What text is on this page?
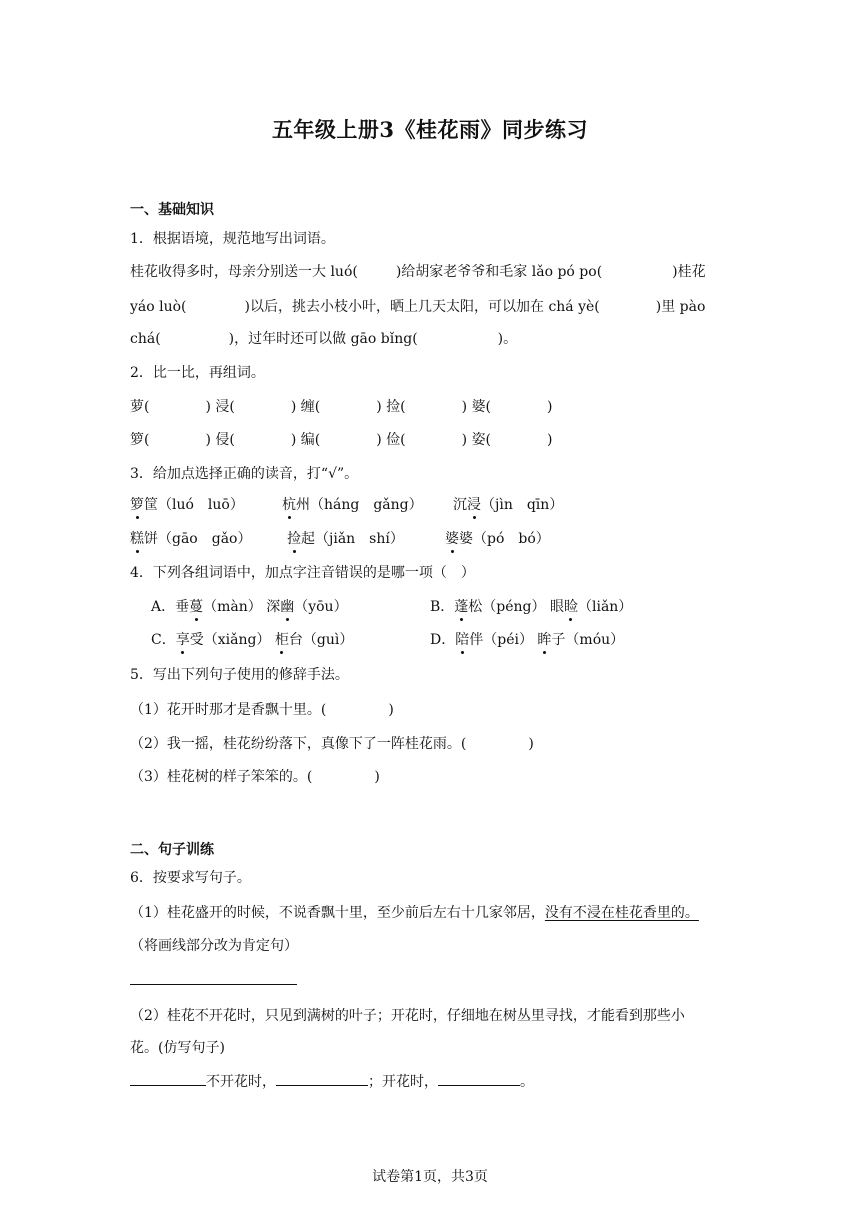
五年级上册3《桂花雨》同步练习
一、基础知识
1．根据语境，规范地写出词语。
桂花收得多时，母亲分别送一大 luó(	)给胡家老爷爷和毛家 lǎo pó po(	)桂花
yáo luò(	)以后，挑去小枝小叶，晒上几天太阳，可以加在 chá yè(	)里 pào
chá(	)，过年时还可以做 gāo bǐng(	)。
2．比一比，再组词。
萝(	) 浸(	) 缠(	) 捡(	) 婆(	)
箩(	) 侵(	) 编(	) 俭(	) 姿(	)
3．给加点选择正确的读音，打“√”。
箩筐（luó　luō）	杭州（háng　gǎng） 沉浸（jìn　qīn）
糕饼（gāo　gǎo）	捡起（jiǎn　shí）	婆婆（pó　bó）
4．下列各组词语中，加点字注音错误的是哪一项（　）
A．垂蔓（màn） 深幽（yōu）	B．蓬松（péng） 眼睑（liǎn）
C．享受（xiǎng） 柜台（guì）	D．陪伴（péi） 眸子（móu）
5．写出下列句子使用的修辞手法。
（1）花开时那才是香飘十里。(	)
（2）我一摇，桂花纷纷落下，真像下了一阵桂花雨。(	)
（3）桂花树的样子笨笨的。(	)
二、句子训练
6．按要求写句子。
（1）桂花盛开的时候，不说香飘十里，至少前后左右十几家邻居，没有不浸在桂花香里的。
（将画线部分改为肯定句）
（2）桂花不开花时，只见到满树的叶子；开花时，仔细地在树丛里寻找，才能看到那些小
花。(仿写句子)
不开花时，	；开花时，	。
试卷第1页，共3页
